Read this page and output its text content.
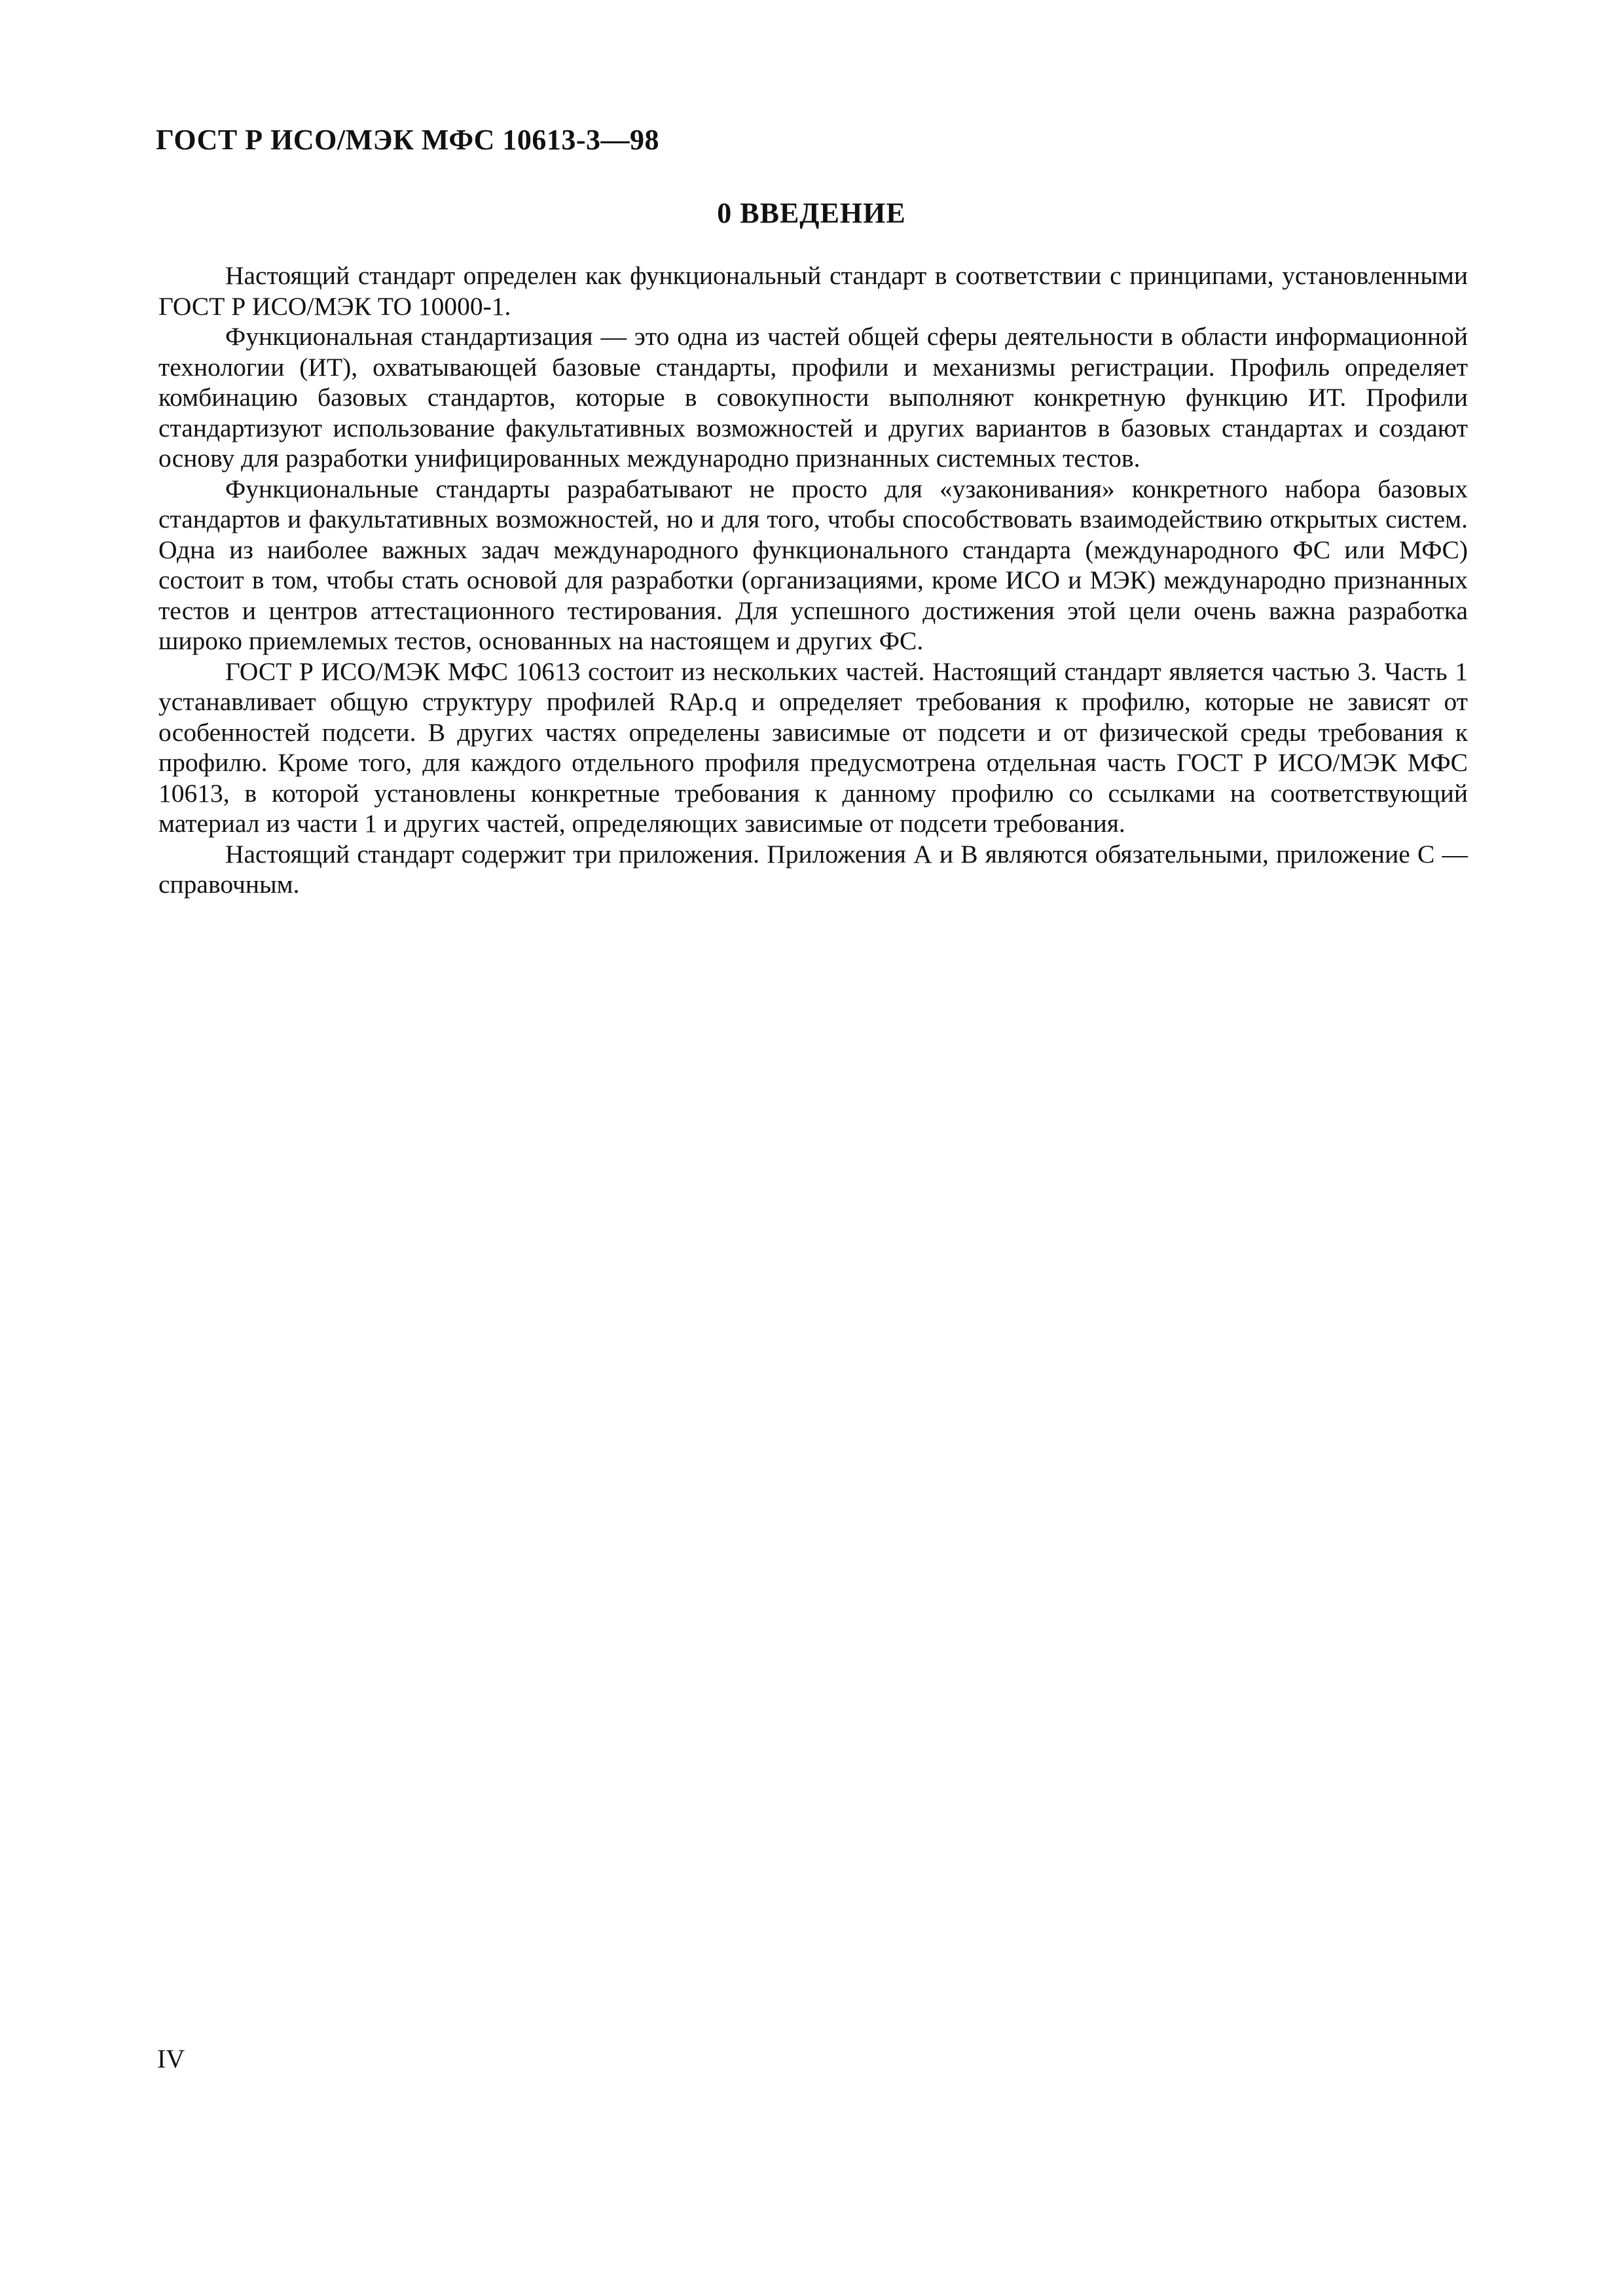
ГОСТ Р ИСО/МЭК МФС 10613-3—98
0 ВВЕДЕНИЕ

Настоящий стандарт определен как функциональный стандарт в соответствии с принципами, установленными ГОСТ Р ИСО/МЭК ТО 10000-1.

Функциональная стандартизация — это одна из частей общей сферы деятельности в области информационной технологии (ИТ), охватывающей базовые стандарты, профили и механизмы регистрации. Профиль определяет комбинацию базовых стандартов, которые в совокупности выполняют конкретную функцию ИТ. Профили стандартизуют использование факультативных возможностей и других вариантов в базовых стандартах и создают основу для разработки унифицированных международно признанных системных тестов.

Функциональные стандарты разрабатывают не просто для «узаконивания» конкретного набора базовых стандартов и факультативных возможностей, но и для того, чтобы способствовать взаимодействию открытых систем. Одна из наиболее важных задач международного функционального стандарта (международного ФС или МФС) состоит в том, чтобы стать основой для разработки (организациями, кроме ИСО и МЭК) международно признанных тестов и центров аттестационного тестирования. Для успешного достижения этой цели очень важна разработка широко приемлемых тестов, основанных на настоящем и других ФС.

ГОСТ Р ИСО/МЭК МФС 10613 состоит из нескольких частей. Настоящий стандарт является частью 3. Часть 1 устанавливает общую структуру профилей RAp.q и определяет требования к профилю, которые не зависят от особенностей подсети. В других частях определены зависимые от подсети и от физической среды требования к профилю. Кроме того, для каждого отдельного профиля предусмотрена отдельная часть ГОСТ Р ИСО/МЭК МФС 10613, в которой установлены конкретные требования к данному профилю со ссылками на соответствующий материал из части 1 и других частей, определяющих зависимые от подсети требования.

Настоящий стандарт содержит три приложения. Приложения А и В являются обязательными, приложение С — справочным.

IV
